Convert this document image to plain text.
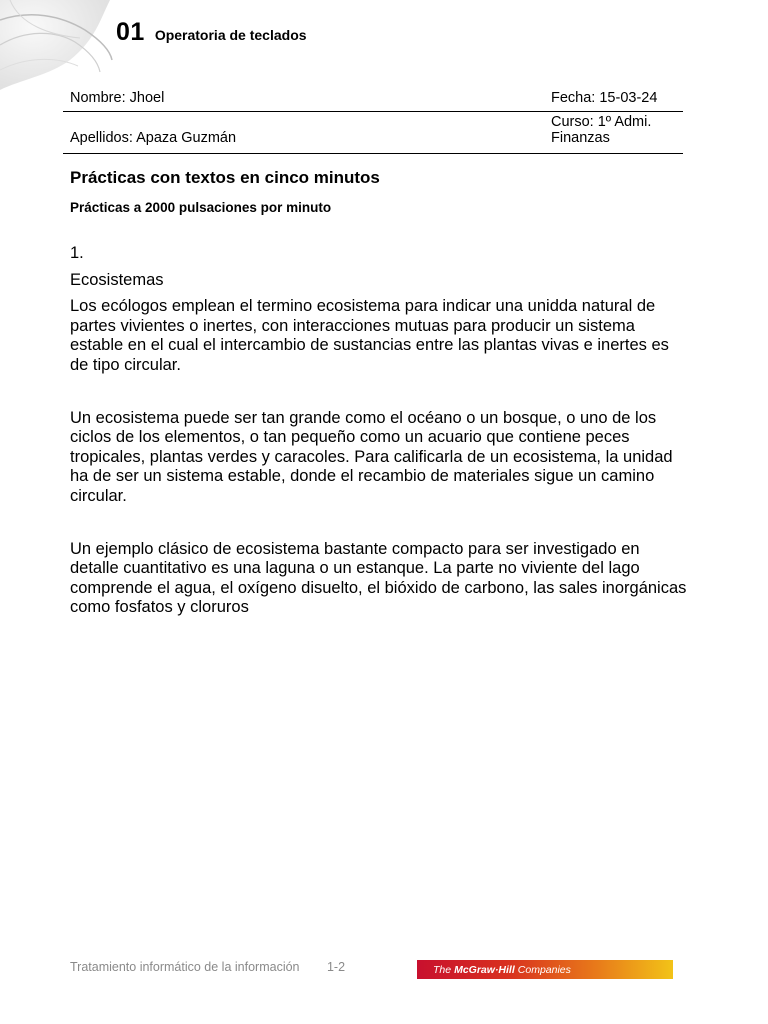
01 Operatoria de teclados
Nombre: Jhoel	Fecha: 15-03-24
Apellidos: Apaza Guzmán
Curso: 1º Admi.
Finanzas
Prácticas con textos en cinco minutos
Prácticas a 2000 pulsaciones por minuto

1.

Ecosistemas

Los ecólogos emplean el termino ecosistema para indicar una unidda natural de partes vivientes o inertes, con interacciones mutuas para producir un sistema estable en el cual el intercambio de sustancias entre las plantas vivas e inertes es de tipo circular.

Un ecosistema puede ser tan grande como el océano o un bosque, o uno de los ciclos de los elementos, o tan pequeño como un acuario que contiene peces tropicales, plantas verdes y caracoles. Para calificarla de un ecosistema, la unidad ha de ser un sistema estable, donde el recambio de materiales sigue un camino circular.

Un ejemplo clásico de ecosistema bastante compacto para ser investigado en detalle cuantitativo es una laguna o un estanque. La parte no viviente del lago comprende el agua, el oxígeno disuelto, el bióxido de carbono, las sales inorgánicas como fosfatos y cloruros

Tratamiento informático de la información 1-2	The McGraw·Hill Companies
